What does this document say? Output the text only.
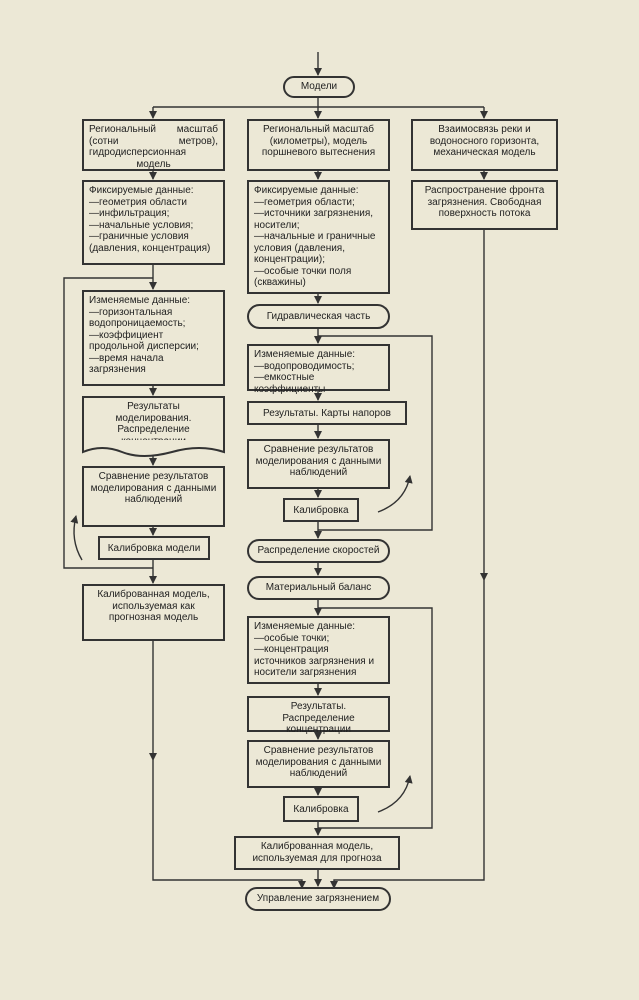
Модели
Региональный масштаб (сотни метров), гидродисперсионная модель
Фиксируемые данные:
—геометрия области
—инфильтрация;
—начальные условия;
—граничные условия (давления, концентрация)
Изменяемые данные:
—горизонтальная водопроницаемость;
—коэффициент продольной дисперсии;
—время начала загрязнения
Результаты моделирования. Распределение
Сравнение результатов моделирования с данными наблюдений
Калибровка модели
Калиброванная модель, используемая как прогнозная модель
Региональный масштаб (километры), модель поршневого вытеснения
Фиксируемые данные:
—геометрия области;
—источники загрязнения, носители;
—начальные и граничные условия (давления, концентрации);
—особые точки поля (скважины)
Гидравлическая часть
Изменяемые данные:
—водопроводимость;
—емкостные коэффициенты
Результаты. Карты напоров
Сравнение результатов моделирования с данными наблюдений
Калибровка
Распределение скоростей
Материальный баланс
Изменяемые данные:
—особые точки;
—концентрация источников загрязнения и носители загрязнения
Результаты. Распределение концентрации
Сравнение результатов моделирования с данными наблюдений
Калибровка
Калиброванная модель, используемая для прогноза
Взаимосвязь реки и водоносного горизонта, механическая модель
Распространение фронта загрязнения. Свободная поверхность потока
Управление загрязнением
